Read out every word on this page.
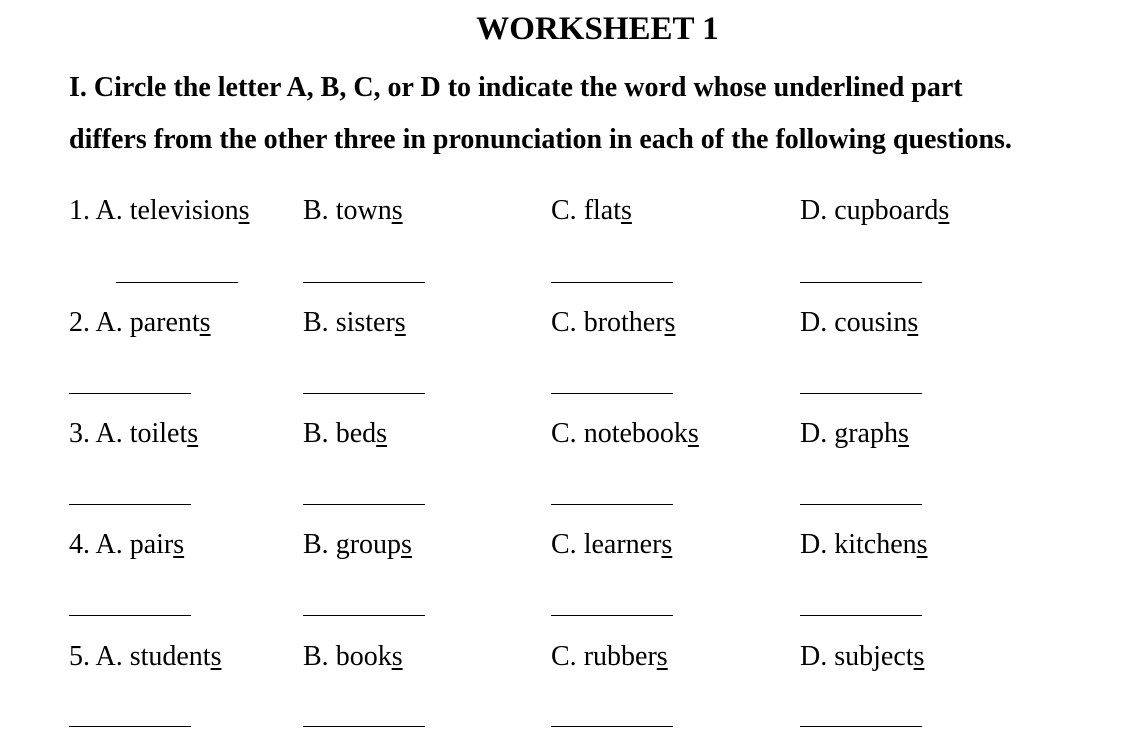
WORKSHEET 1
I. Circle the letter A, B, C, or D to indicate the word whose underlined part
differs from the other three in pronunciation in each of the following questions.
1. A. televisions B. towns	C. flats	D. cupboards
2. A. parents	B. sisters	C. brothers	D. cousins
3. A. toilets	B. beds	C. notebooks	D. graphs
4. A. pairs	B. groups	C. learners	D. kitchens
5. A. students	B. books	C. rubbers	D. subjects
